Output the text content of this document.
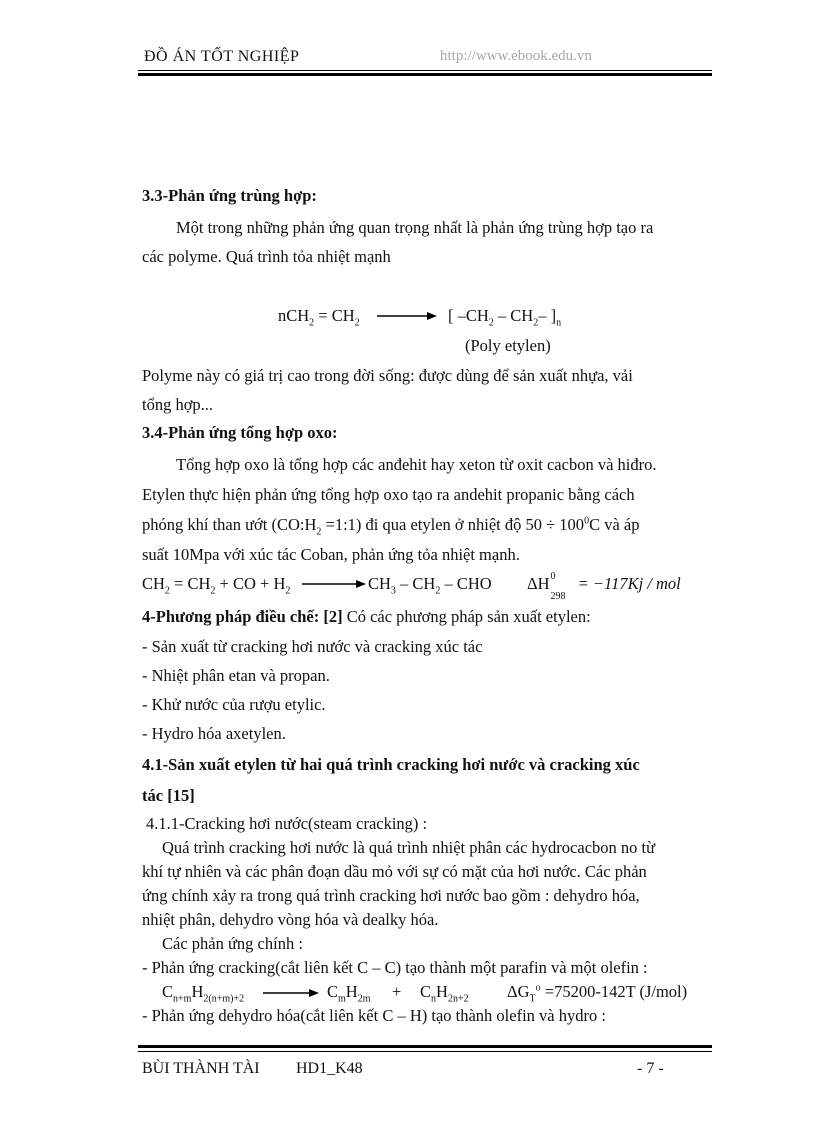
ĐỒ ÁN TỐT NGHIỆP	http://www.ebook.edu.vn
3.3-Phản ứng trùng hợp:
Một trong những phản ứng quan trọng nhất là phản ứng trùng hợp tạo ra
các polyme. Quá trình tỏa nhiệt mạnh
$nCH_2 = CH_2$ → [ $-CH_2 - CH_2-$ ]$_n$
(Poly etylen)
Polyme này có giá trị cao trong đời sống: được dùng để sản xuất nhựa, vải
tổng hợp...
3.4-Phản ứng tổng hợp oxo:
Tổng hợp oxo là tổng hợp các anđehit hay xeton từ oxit cacbon và hiđro.
Etylen thực hiện phản ứng tổng hợp oxo tạo ra andehit propanic bằng cách
phóng khí than ướt ($CO:H_2$ =1:1) đi qua etylen ở nhiệt độ $50 \div 100^0C$ và áp
suất 10Mpa với xúc tác Coban, phản ứng tỏa nhiệt mạnh.
$CH_2 = CH_2$ + CO + $H_2 \to CH_3 - CH_2$ – CHO ΔH 0
298
= −117Kj / mol
4-Phương pháp điều chế: [2] Có các phương pháp sản xuất etylen:
- Sản xuất từ cracking hơi nước và cracking xúc tác
- Nhiệt phân etan và propan.
- Khử nước của rượu etylic.
- Hydro hóa axetylen.
4.1-Sản xuất etylen từ hai quá trình cracking hơi nước và cracking xúc
tác [15]
4.1.1-Cracking hơi nước(steam cracking) :
Quá trình cracking hơi nước là quá trình nhiệt phân các hydrocacbon no từ
khí tự nhiên và các phân đoạn dầu mỏ với sự có mặt của hơi nước. Các phản
ứng chính xảy ra trong quá trình cracking hơi nước bao gồm : dehydro hóa,
nhiệt phân, dehydro vòng hóa và dealky hóa.
Các phản ứng chính :
- Phản ứng cracking(cắt liên kết C – C) tạo thành một parafin và một olefin :
$C_{n+m}H_{2(n+m)+2} \to C_mH_{2m} + C_nH_{2n+2}$ $\Delta G_T^o =75200-142T$ (J/mol)
- Phản ứng dehydro hóa(cắt liên kết C – H) tạo thành olefin và hydro :
BÙI THÀNH TÀI HD1_K48	- 7 -
